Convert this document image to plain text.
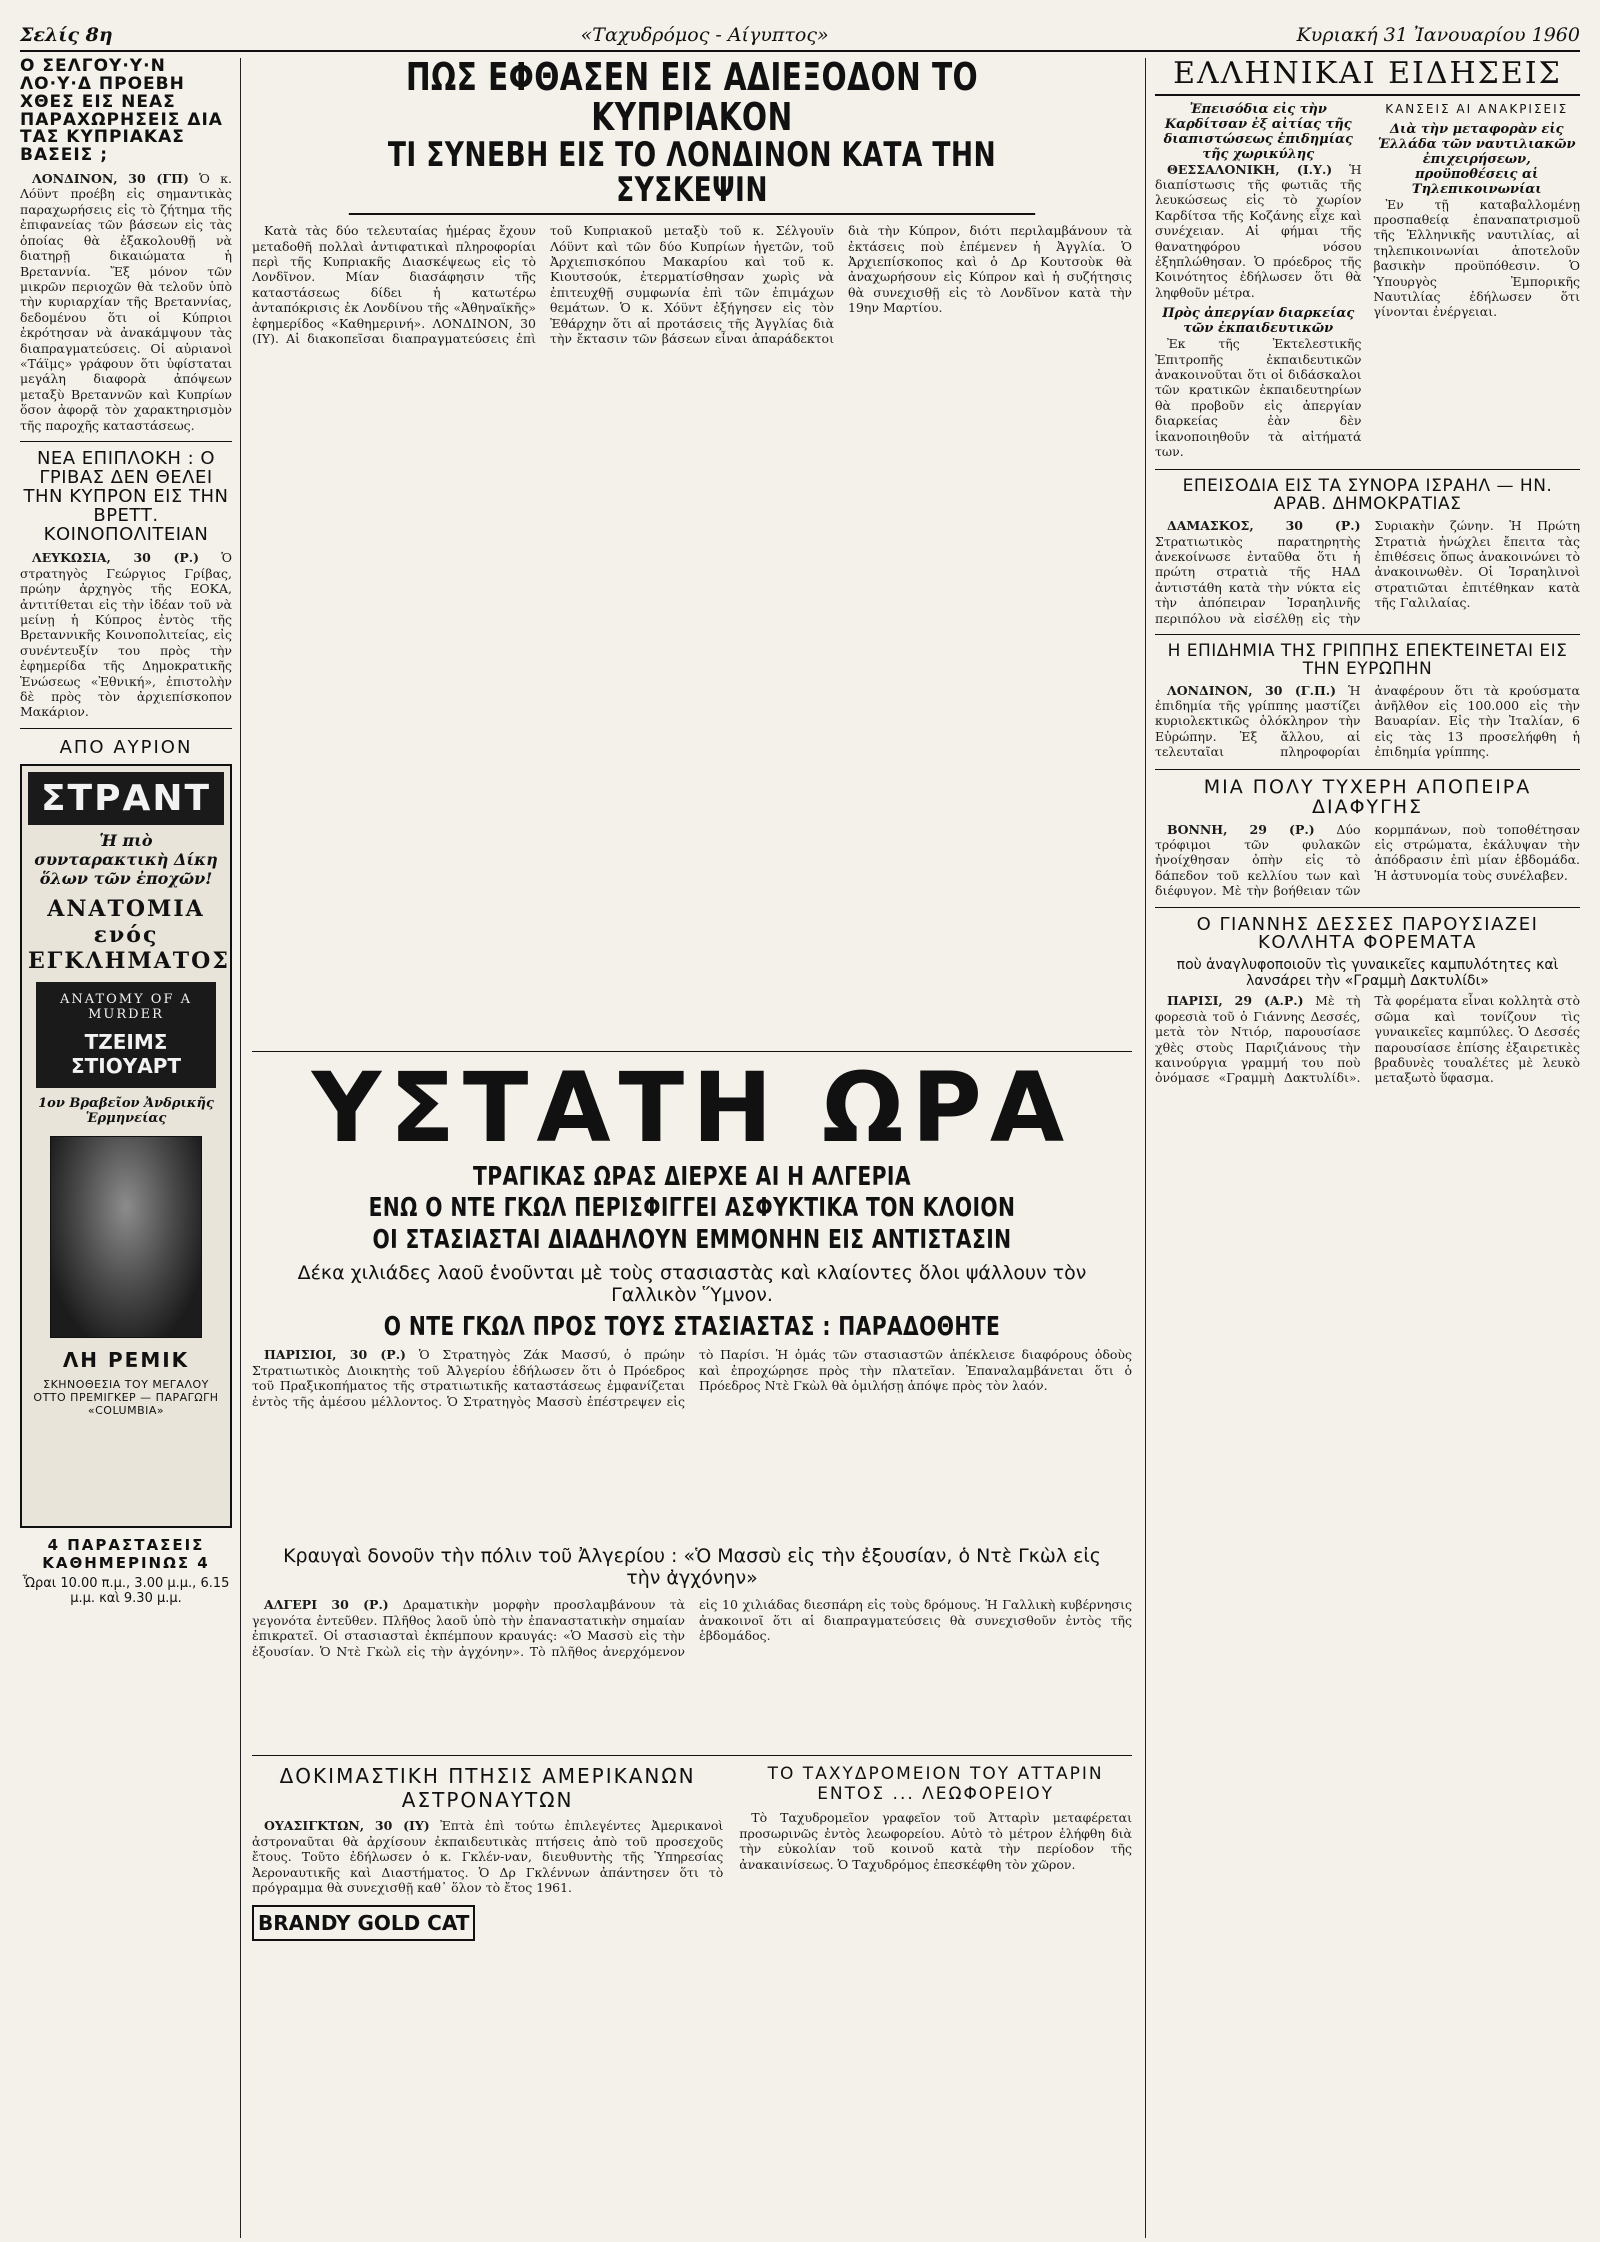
Σελίς 8η	«Ταχυδρόμος - Αίγυπτος»	Κυριακή 31 Ἰανουαρίου 1960
Ο ΣΕΛΓΟΥ·Υ·Ν ΛΟ·Υ·Δ ΠΡΟΕΒΗ ΧΘΕΣ ΕΙΣ ΝΕΑΣ ΠΑΡΑΧΩΡΗΣΕΙΣ ΔΙΑ ΤΑΣ ΚΥΠΡΙΑΚΑΣ ΒΑΣΕΙΣ ;

ΛΟΝΔΙΝΟΝ, 30 (ΓΠ) Ὁ κ. Λόϋντ προέβη εἰς σημαντικὰς παραχωρήσεις εἰς τὸ ζήτημα τῆς ἐπιφανείας τῶν βάσεων εἰς τὰς ὁποίας θὰ ἐξακολουθῇ νὰ διατηρῇ δικαιώματα ἡ Βρεταννία. Ἔξ μόνον τῶν μικρῶν περιοχῶν θὰ τελοῦν ὑπὸ τὴν κυριαρχίαν τῆς Βρεταννίας, δεδομένου ὅτι οἱ Κύπριοι ἐκρότησαν νὰ ἀνακάμψουν τὰς διαπραγματεύσεις. Οἱ αὐριανοὶ «Τάϊμς» γράφουν ὅτι ὑφίσταται μεγάλη διαφορὰ ἀπόψεων μεταξὺ Βρεταννῶν καὶ Κυπρίων ὅσον ἀφορᾷ τὸν χαρακτηρισμὸν τῆς παροχῆς καταστάσεως.

ΝΕΑ ΕΠΙΠΛΟΚΗ : Ο ΓΡΙΒΑΣ ΔΕΝ ΘΕΛΕΙ ΤΗΝ ΚΥΠΡΟΝ ΕΙΣ ΤΗΝ ΒΡΕΤΤ. ΚΟΙΝΟΠΟΛΙΤΕΙΑΝ

ΛΕΥΚΩΣΙΑ, 30 (Ρ.) Ὁ στρατηγὸς Γεώργιος Γρίβας, πρώην ἀρχηγὸς τῆς ΕΟΚΑ, ἀντιτίθεται εἰς τὴν ἰδέαν τοῦ νὰ μείνῃ ἡ Κύπρος ἐντὸς τῆς Βρεταννικῆς Κοινοπολιτείας, εἰς συνέντευξίν του πρὸς τὴν ἐφημερίδα τῆς Δημοκρατικῆς Ἑνώσεως «Ἐθνική», ἐπιστολὴν δὲ πρὸς τὸν ἀρχιεπίσκοπον Μακάριον.

ΑΠΟ ΑΥΡΙΟΝ
ΣΤΡΑΝΤ
Ἡ πιὸ συνταρακτικὴ Δίκη ὅλων τῶν ἐποχῶν!
ΑΝΑΤΟΜΙΑ ενός ΕΓΚΛΗΜΑΤΟΣ
ANATOMY OF A MURDER
ΤΖΕΙΜΣ ΣΤΙΟΥΑΡΤ
1ον Βραβεῖον Ἀνδρικῆς Ἑρμηνείας
ΛΗ ΡΕΜΙΚ
ΣΚΗΝΟΘΕΣΙΑ ΤΟΥ ΜΕΓΑΛΟΥ ΟΤΤΟ ΠΡΕΜΙΓΚΕΡ — ΠΑΡΑΓΩΓΗ «COLUMBIA»
4 ΠΑΡΑΣΤΑΣΕΙΣ ΚΑΘΗΜΕΡΙΝΩΣ 4
Ὧραι 10.00 π.μ., 3.00 μ.μ., 6.15 μ.μ. καὶ 9.30 μ.μ.
ΠΩΣ ΕΦΘΑΣΕΝ ΕΙΣ ΑΔΙΕΞΟΔΟΝ ΤΟ ΚΥΠΡΙΑΚΟΝ
ΤΙ ΣΥΝΕΒΗ ΕΙΣ ΤΟ ΛΟΝΔΙΝΟΝ ΚΑΤΑ ΤΗΝ ΣΥΣΚΕΨΙΝ

Κατὰ τὰς δύο τελευταίας ἡμέρας ἔχουν μεταδοθῆ πολλαὶ ἀντιφατικαὶ πληροφορίαι περὶ τῆς Κυπριακῆς Διασκέψεως εἰς τὸ Λονδῖνον. Μίαν διασάφησιν τῆς καταστάσεως δίδει ἡ κατωτέρω ἀνταπόκρισις ἐκ Λονδίνου τῆς «Ἀθηναϊκῆς» ἐφημερίδος «Καθημερινή». ΛΟΝΔΙΝΟΝ, 30 (ΙΥ). Αἱ διακοπεῖσαι διαπραγματεύσεις ἐπὶ τοῦ Κυπριακοῦ μεταξὺ τοῦ κ. Σέλγουϊν Λόϋντ καὶ τῶν δύο Κυπρίων ἡγετῶν, τοῦ Ἀρχιεπισκόπου Μακαρίου καὶ τοῦ κ. Κιουτσούκ, ἐτερματίσθησαν χωρὶς νὰ ἐπιτευχθῇ συμφωνία ἐπὶ τῶν ἐπιμάχων θεμάτων. Ὁ κ. Χόϋντ ἐξήγησεν εἰς τὸν Ἐθάρχην ὅτι αἱ προτάσεις τῆς Ἀγγλίας διὰ τὴν ἔκτασιν τῶν βάσεων εἶναι ἀπαράδεκτοι διὰ τὴν Κύπρον, διότι περιλαμβάνουν τὰ ἐκτάσεις ποὺ ἐπέμενεν ἡ Ἀγγλία. Ὁ Ἀρχιεπίσκοπος καὶ ὁ Δρ Κουτσοὺκ θὰ ἀναχωρήσουν εἰς Κύπρον καὶ ἡ συζήτησις θὰ συνεχισθῇ εἰς τὸ Λονδῖνον κατὰ τὴν 19ην Μαρτίου.

ΥΣΤΑΤΗ ΩΡΑ
ΤΡΑΓΙΚΑΣ ΩΡΑΣ ΔΙΕΡΧΕ ΑΙ Η ΑΛΓΕΡΙΑ
ΕΝΩ Ο ΝΤΕ ΓΚΩΛ ΠΕΡΙΣΦΙΓΓΕΙ ΑΣΦΥΚΤΙΚΑ ΤΟΝ ΚΛΟΙΟΝ
ΟΙ ΣΤΑΣΙΑΣΤΑΙ ΔΙΑΔΗΛΟΥΝ ΕΜΜΟΝΗΝ ΕΙΣ ΑΝΤΙΣΤΑΣΙΝ
Δέκα χιλιάδες λαοῦ ἑνοῦνται μὲ τοὺς στασιαστὰς καὶ κλαίοντες ὅλοι ψάλλουν τὸν Γαλλικὸν Ὕμνον.
Ο ΝΤΕ ΓΚΩΛ ΠΡΟΣ ΤΟΥΣ ΣΤΑΣΙΑΣΤΑΣ : ΠΑΡΑΔΟΘΗΤΕ

ΠΑΡΙΣΙΟΙ, 30 (Ρ.) Ὁ Στρατηγὸς Ζάκ Μασσύ, ὁ πρώην Στρατιωτικὸς Διοικητὴς τοῦ Ἀλγερίου ἐδήλωσεν ὅτι ὁ Πρόεδρος τοῦ Πραξικοπήματος τῆς στρατιωτικῆς καταστάσεως ἐμφανίζεται ἐντὸς τῆς ἀμέσου μέλλοντος. Ὁ Στρατηγὸς Μασσὺ ἐπέστρεψεν εἰς τὸ Παρίσι. Ἡ ὁμάς τῶν στασιαστῶν ἀπέκλεισε διαφόρους ὁδοὺς καὶ ἐπροχώρησε πρὸς τὴν πλατεῖαν. Ἐπαναλαμβάνεται ὅτι ὁ Πρόεδρος Ντὲ Γκὼλ θὰ ὁμιλήσῃ ἀπόψε πρὸς τὸν λαόν.

Κραυγαὶ δονοῦν τὴν πόλιν τοῦ Ἀλγερίου : «Ὁ Μασσὺ εἰς τὴν ἐξουσίαν, ὁ Ντὲ Γκὼλ εἰς τὴν ἀγχόνην»

ΑΛΓΕΡΙ 30 (Ρ.) Δραματικὴν μορφὴν προσλαμβάνουν τὰ γεγονότα ἐντεῦθεν. Πλῆθος λαοῦ ὑπὸ τὴν ἐπαναστατικὴν σημαίαν ἐπικρατεῖ. Οἱ στασιασταὶ ἐκπέμπουν κραυγάς: «Ὁ Μασσὺ εἰς τὴν ἐξουσίαν. Ὁ Ντὲ Γκὼλ εἰς τὴν ἀγχόνην». Τὸ πλῆθος ἀνερχόμενον εἰς 10 χιλιάδας διεσπάρη εἰς τοὺς δρόμους. Ἡ Γαλλικὴ κυβέρνησις ἀνακοινοῖ ὅτι αἱ διαπραγματεύσεις θὰ συνεχισθοῦν ἐντὸς τῆς ἑβδομάδος.

ΔΟΚΙΜΑΣΤΙΚΗ ΠΤΗΣΙΣ ΑΜΕΡΙΚΑΝΩΝ ΑΣΤΡΟΝΑΥΤΩΝ

ΟΥΑΣΙΓΚΤΩΝ, 30 (ΙΥ) Ἐπτὰ ἐπὶ τούτω ἐπιλεγέντες Ἀμερικανοὶ ἀστροναῦται θὰ ἀρχίσουν ἐκπαιδευτικὰς πτήσεις ἀπὸ τοῦ προσεχοῦς ἔτους. Τοῦτο ἐδήλωσεν ὁ κ. Γκλέν-ναν, διευθυντὴς τῆς Ὑπηρεσίας Ἀεροναυτικῆς καὶ Διαστήματος. Ὁ Δρ Γκλέννων ἀπάντησεν ὅτι τὸ πρόγραμμα θὰ συνεχισθῇ καθ᾿ ὅλον τὸ ἔτος 1961.

BRANDY GOLD CAT
ΤΟ ΤΑΧΥΔΡΟΜΕΙΟΝ ΤΟΥ ΑΤΤΑΡΙΝ ΕΝΤΟΣ ... ΛΕΩΦΟΡΕΙΟΥ

Τὸ Ταχυδρομεῖον γραφεῖον τοῦ Ἀτταρὶν μεταφέρεται προσωρινῶς ἐντὸς λεωφορείου. Αὐτὸ τὸ μέτρον ἐλήφθη διὰ τὴν εὐκολίαν τοῦ κοινοῦ κατὰ τὴν περίοδον τῆς ἀνακαινίσεως. Ὁ Ταχυδρόμος ἐπεσκέφθη τὸν χῶρον.

ΕΛΛΗΝΙΚΑΙ ΕΙΔΗΣΕΙΣ
Ἐπεισόδια εἰς τὴν Καρδίτσαν ἐξ αἰτίας τῆς διαπιστώσεως ἐπιδημίας τῆς χωρικύλης

ΘΕΣΣΑΛΟΝΙΚΗ, (Ι.Υ.) Ἡ διαπίστωσις τῆς φωτιᾶς τῆς λευκώσεως εἰς τὸ χωρίον Καρδίτσα τῆς Κοζάνης εἶχε καὶ συνέχειαν. Αἱ φήμαι τῆς θανατηφόρου νόσου ἐξηπλώθησαν. Ὁ πρόεδρος τῆς Κοινότητος ἐδήλωσεν ὅτι θὰ ληφθοῦν μέτρα.

Πρὸς ἀπεργίαν διαρκείας τῶν ἐκπαιδευτικῶν

Ἐκ τῆς Ἐκτελεστικῆς Ἐπιτροπῆς ἐκπαιδευτικῶν ἀνακοινοῦται ὅτι οἱ διδάσκαλοι τῶν κρατικῶν ἐκπαιδευτηρίων θὰ προβοῦν εἰς ἀπεργίαν διαρκείας ἐὰν δὲν ἱκανοποιηθοῦν τὰ αἰτήματά των.

ΚΑΝΣΕΙΣ ΑΙ ΑΝΑΚΡΙΣΕΙΣ
Διὰ τὴν μεταφορὰν εἰς Ἑλλάδα τῶν ναυτιλιακῶν ἐπιχειρήσεων, προϋποθέσεις αἱ Τηλεπικοινωνίαι

Ἐν τῇ καταβαλλομένῃ προσπαθείᾳ ἐπαναπατρισμοῦ τῆς Ἑλληνικῆς ναυτιλίας, αἱ τηλεπικοινωνίαι ἀποτελοῦν βασικὴν προϋπόθεσιν. Ὁ Ὑπουργὸς Ἐμπορικῆς Ναυτιλίας ἐδήλωσεν ὅτι γίνονται ἐνέργειαι.

ΕΠΕΙΣΟΔΙΑ ΕΙΣ ΤΑ ΣΥΝΟΡΑ ΙΣΡΑΗΛ — ΗΝ. ΑΡΑΒ. ΔΗΜΟΚΡΑΤΙΑΣ

ΔΑΜΑΣΚΟΣ, 30 (Ρ.) Στρατιωτικὸς παρατηρητὴς ἀνεκοίνωσε ἐνταῦθα ὅτι ἡ πρώτη στρατιὰ τῆς ΗΑΔ ἀντιστάθη κατὰ τὴν νύκτα εἰς τὴν ἀπόπειραν Ἰσραηλινῆς περιπόλου νὰ εἰσέλθῃ εἰς τὴν Συριακὴν ζώνην. Ἡ Πρώτη Στρατιὰ ἠνώχλει ἔπειτα τὰς ἐπιθέσεις ὅπως ἀνακοινώνει τὸ ἀνακοινωθὲν. Οἱ Ἰσραηλινοὶ στρατιῶται ἐπιτέθηκαν κατὰ τῆς Γαλιλαίας.

Η ΕΠΙΔΗΜΙΑ ΤΗΣ ΓΡΙΠΠΗΣ ΕΠΕΚΤΕΙΝΕΤΑΙ ΕΙΣ ΤΗΝ ΕΥΡΩΠΗΝ

ΛΟΝΔΙΝΟΝ, 30 (Γ.Π.) Ἡ ἐπιδημία τῆς γρίππης μαστίζει κυριολεκτικῶς ὁλόκληρον τὴν Εὐρώπην. Ἐξ ἄλλου, αἱ τελευταῖαι πληροφορίαι ἀναφέρουν ὅτι τὰ κρούσματα ἀνῆλθον εἰς 100.000 εἰς τὴν Βαυαρίαν. Εἰς τὴν Ἰταλίαν, 6 εἰς τὰς 13 προσελήφθη ἡ ἐπιδημία γρίππης.

ΜΙΑ ΠΟΛΥ ΤΥΧΕΡΗ ΑΠΟΠΕΙΡΑ ΔΙΑΦΥΓΗΣ

ΒΟΝΝΗ, 29 (Ρ.) Δύο τρόφιμοι τῶν φυλακῶν ἠνοίχθησαν ὀπὴν εἰς τὸ δάπεδον τοῦ κελλίου των καὶ διέφυγον. Μὲ τὴν βοήθειαν τῶν κορμπάνων, ποὺ τοποθέτησαν εἰς στρώματα, ἐκάλυψαν τὴν ἀπόδρασιν ἐπὶ μίαν ἑβδομάδα. Ἡ ἀστυνομία τοὺς συνέλαβεν.

Ο ΓΙΑΝΝΗΣ ΔΕΣΣΕΣ ΠΑΡΟΥΣΙΑΖΕΙ ΚΟΛΛΗΤΑ ΦΟΡΕΜΑΤΑ
ποὺ ἀναγλυφοποιοῦν τὶς γυναικεῖες καμπυλότητες καὶ λανσάρει τὴν «Γραμμὴ Δακτυλίδι»

ΠΑΡΙΣΙ, 29 (Α.Ρ.) Μὲ τὴ φορεσιὰ τοῦ ὁ Γιάννης Δεσσές, μετὰ τὸν Ντιόρ, παρουσίασε χθὲς στοὺς Παριζιάνους τὴν καινούργια γραμμή του ποὺ ὀνόμασε «Γραμμὴ Δακτυλίδι». Τὰ φορέματα εἶναι κολλητὰ στὸ σῶμα καὶ τονίζουν τὶς γυναικεῖες καμπύλες. Ὁ Δεσσές παρουσίασε ἐπίσης ἐξαιρετικὲς βραδυνὲς τουαλέτες μὲ λευκὸ μεταξωτὸ ὕφασμα.
